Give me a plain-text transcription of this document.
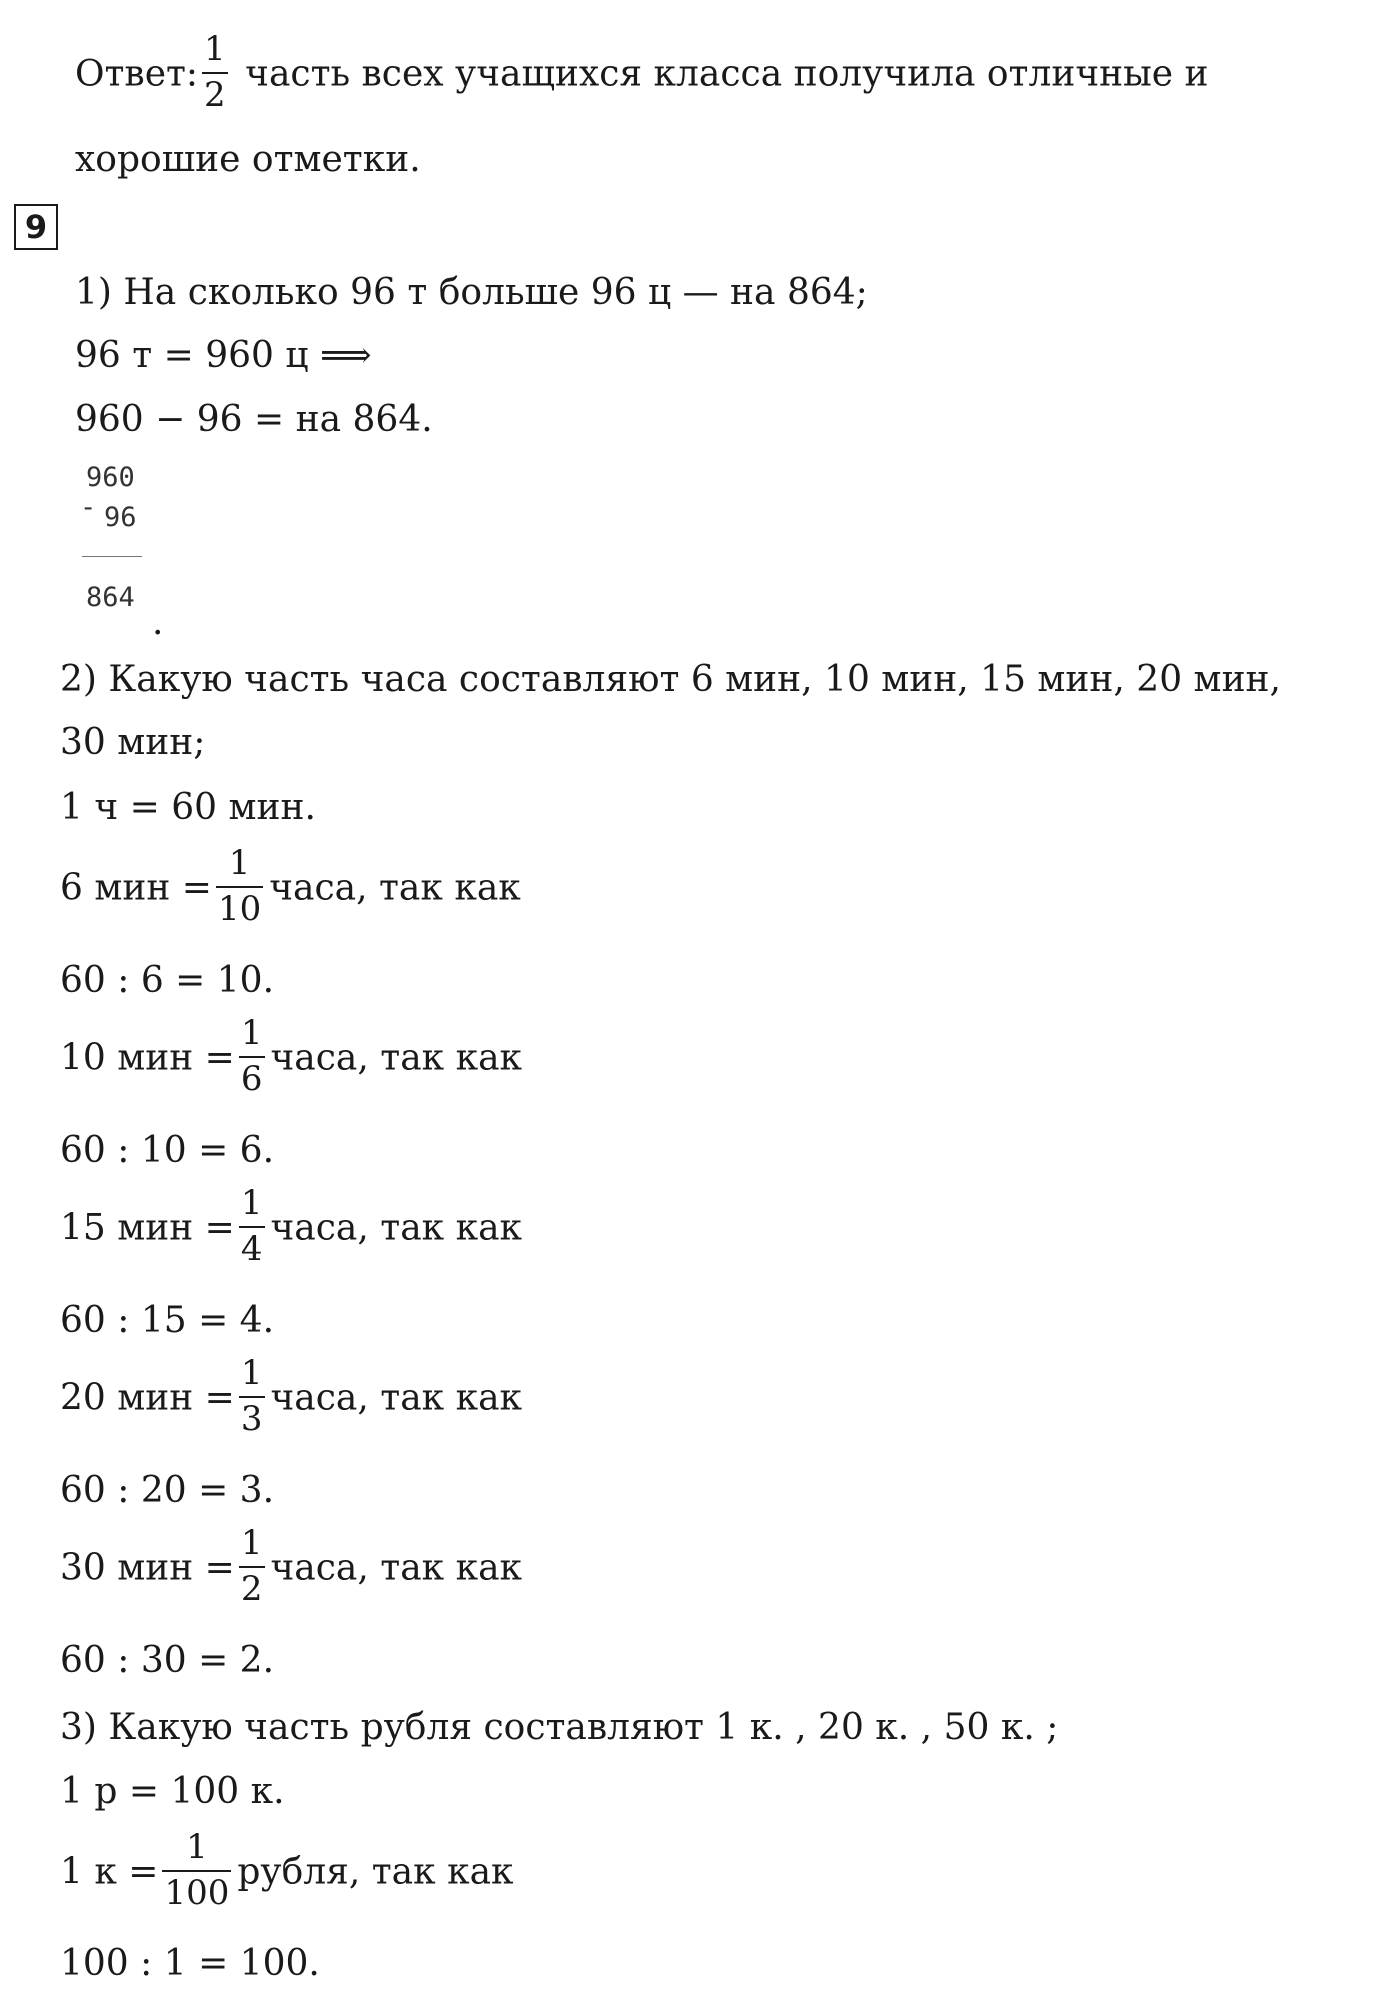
Ответ: $\frac{1}{2}$ часть всех учащихся класса получила отличные и
хорошие отметки.
9
1) На сколько 96 т больше 96 ц — на 864;
96 т = 960 ц ⟹
960 − 96 = на 864.
960
- 96
864
.
2) Какую часть часа составляют 6 мин, 10 мин, 15 мин, 20 мин,
30 мин;
1 ч = 60 мин.
6 мин = $\frac{1}{10}$ часа, так как
60 : 6 = 10.
10 мин = $\frac{1}{6}$ часа, так как
60 : 10 = 6.
15 мин = $\frac{1}{4}$ часа, так как
60 : 15 = 4.
20 мин = $\frac{1}{3}$ часа, так как
60 : 20 = 3.
30 мин = $\frac{1}{2}$ часа, так как
60 : 30 = 2.
3) Какую часть рубля составляют 1 к. , 20 к. , 50 к. ;
1 р = 100 к.
1 $к = \frac{1}{100}$ рубля, так как
100 : 1 = 100.
